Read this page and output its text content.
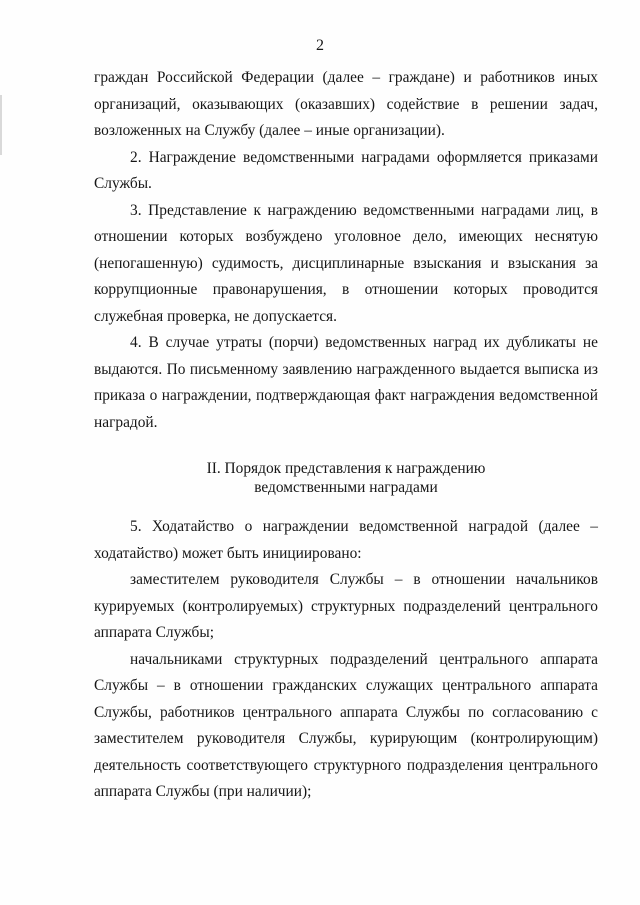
2

граждан Российской Федерации (далее – граждане) и работников иных организаций, оказывающих (оказавших) содействие в решении задач, возложенных на Службу (далее – иные организации).

2. Награждение ведомственными наградами оформляется приказами Службы.

3. Представление к награждению ведомственными наградами лиц, в отношении которых возбуждено уголовное дело, имеющих неснятую (непогашенную) судимость, дисциплинарные взыскания и взыскания за коррупционные правонарушения, в отношении которых проводится служебная проверка, не допускается.

4. В случае утраты (порчи) ведомственных наград их дубликаты не выдаются. По письменному заявлению награжденного выдается выписка из приказа о награждении, подтверждающая факт награждения ведомственной наградой.

II. Порядок представления к награждению
ведомственными наградами

5. Ходатайство о награждении ведомственной наградой (далее – ходатайство) может быть инициировано:

заместителем руководителя Службы – в отношении начальников курируемых (контролируемых) структурных подразделений центрального аппарата Службы;

начальниками структурных подразделений центрального аппарата Службы – в отношении гражданских служащих центрального аппарата Службы, работников центрального аппарата Службы по согласованию с заместителем руководителя Службы, курирующим (контролирующим) деятельность соответствующего структурного подразделения центрального аппарата Службы (при наличии);
